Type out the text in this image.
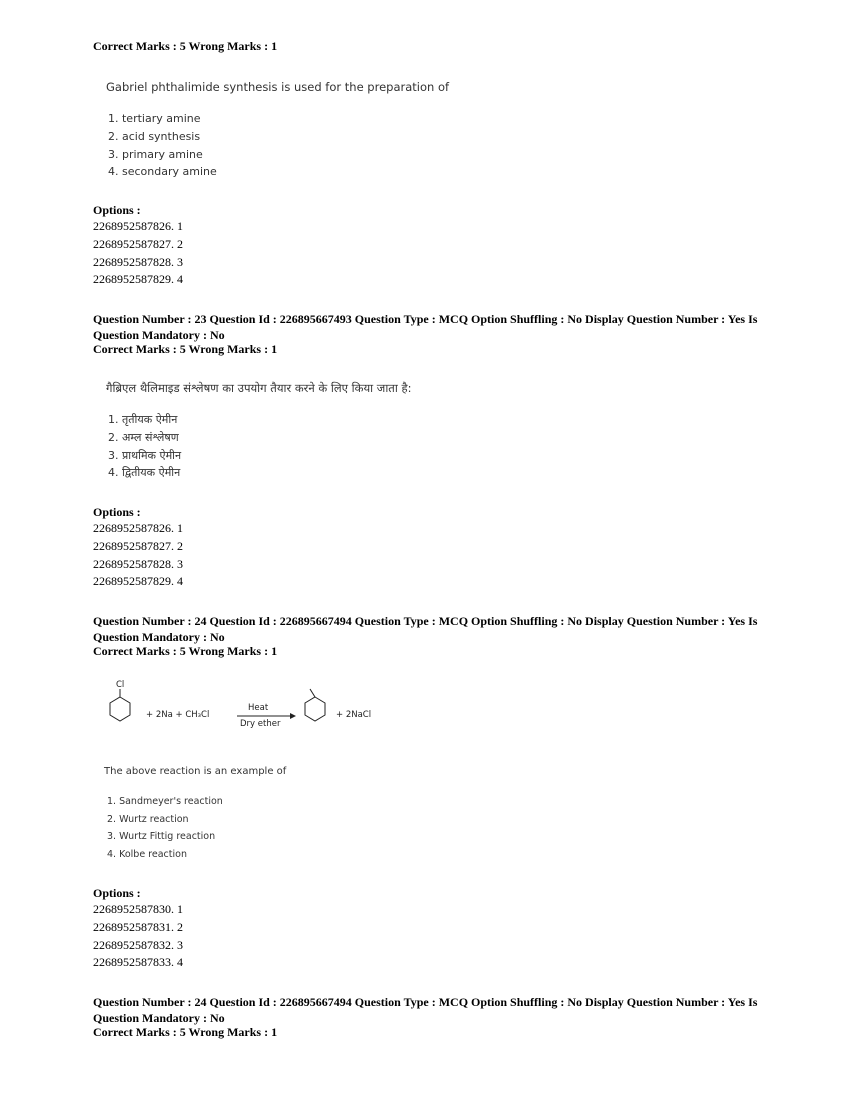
Correct Marks : 5 Wrong Marks : 1
Gabriel phthalimide synthesis is used for the preparation of
1. tertiary amine
2. acid synthesis
3. primary amine
4. secondary amine
Options :
2268952587826. 1
2268952587827. 2
2268952587828. 3
2268952587829. 4
Question Number : 23 Question Id : 226895667493 Question Type : MCQ Option Shuffling : No Display Question Number : Yes Is Question Mandatory : No
Correct Marks : 5 Wrong Marks : 1
गैब्रिएल थैलिमाइड संश्लेषण का उपयोग तैयार करने के लिए किया जाता है:
1. तृतीयक ऐमीन
2. अम्ल संश्लेषण
3. प्राथमिक ऐमीन
4. द्वितीयक ऐमीन
Options :
2268952587826. 1
2268952587827. 2
2268952587828. 3
2268952587829. 4
Question Number : 24 Question Id : 226895667494 Question Type : MCQ Option Shuffling : No Display Question Number : Yes Is Question Mandatory : No
Correct Marks : 5 Wrong Marks : 1
Cl
+ 2Na + CH₃Cl
Heat
Dry ether
+ 2NaCl
The above reaction is an example of
1. Sandmeyer's reaction
2. Wurtz reaction
3. Wurtz Fittig reaction
4. Kolbe reaction
Options :
2268952587830. 1
2268952587831. 2
2268952587832. 3
2268952587833. 4
Question Number : 24 Question Id : 226895667494 Question Type : MCQ Option Shuffling : No Display Question Number : Yes Is Question Mandatory : No
Correct Marks : 5 Wrong Marks : 1
